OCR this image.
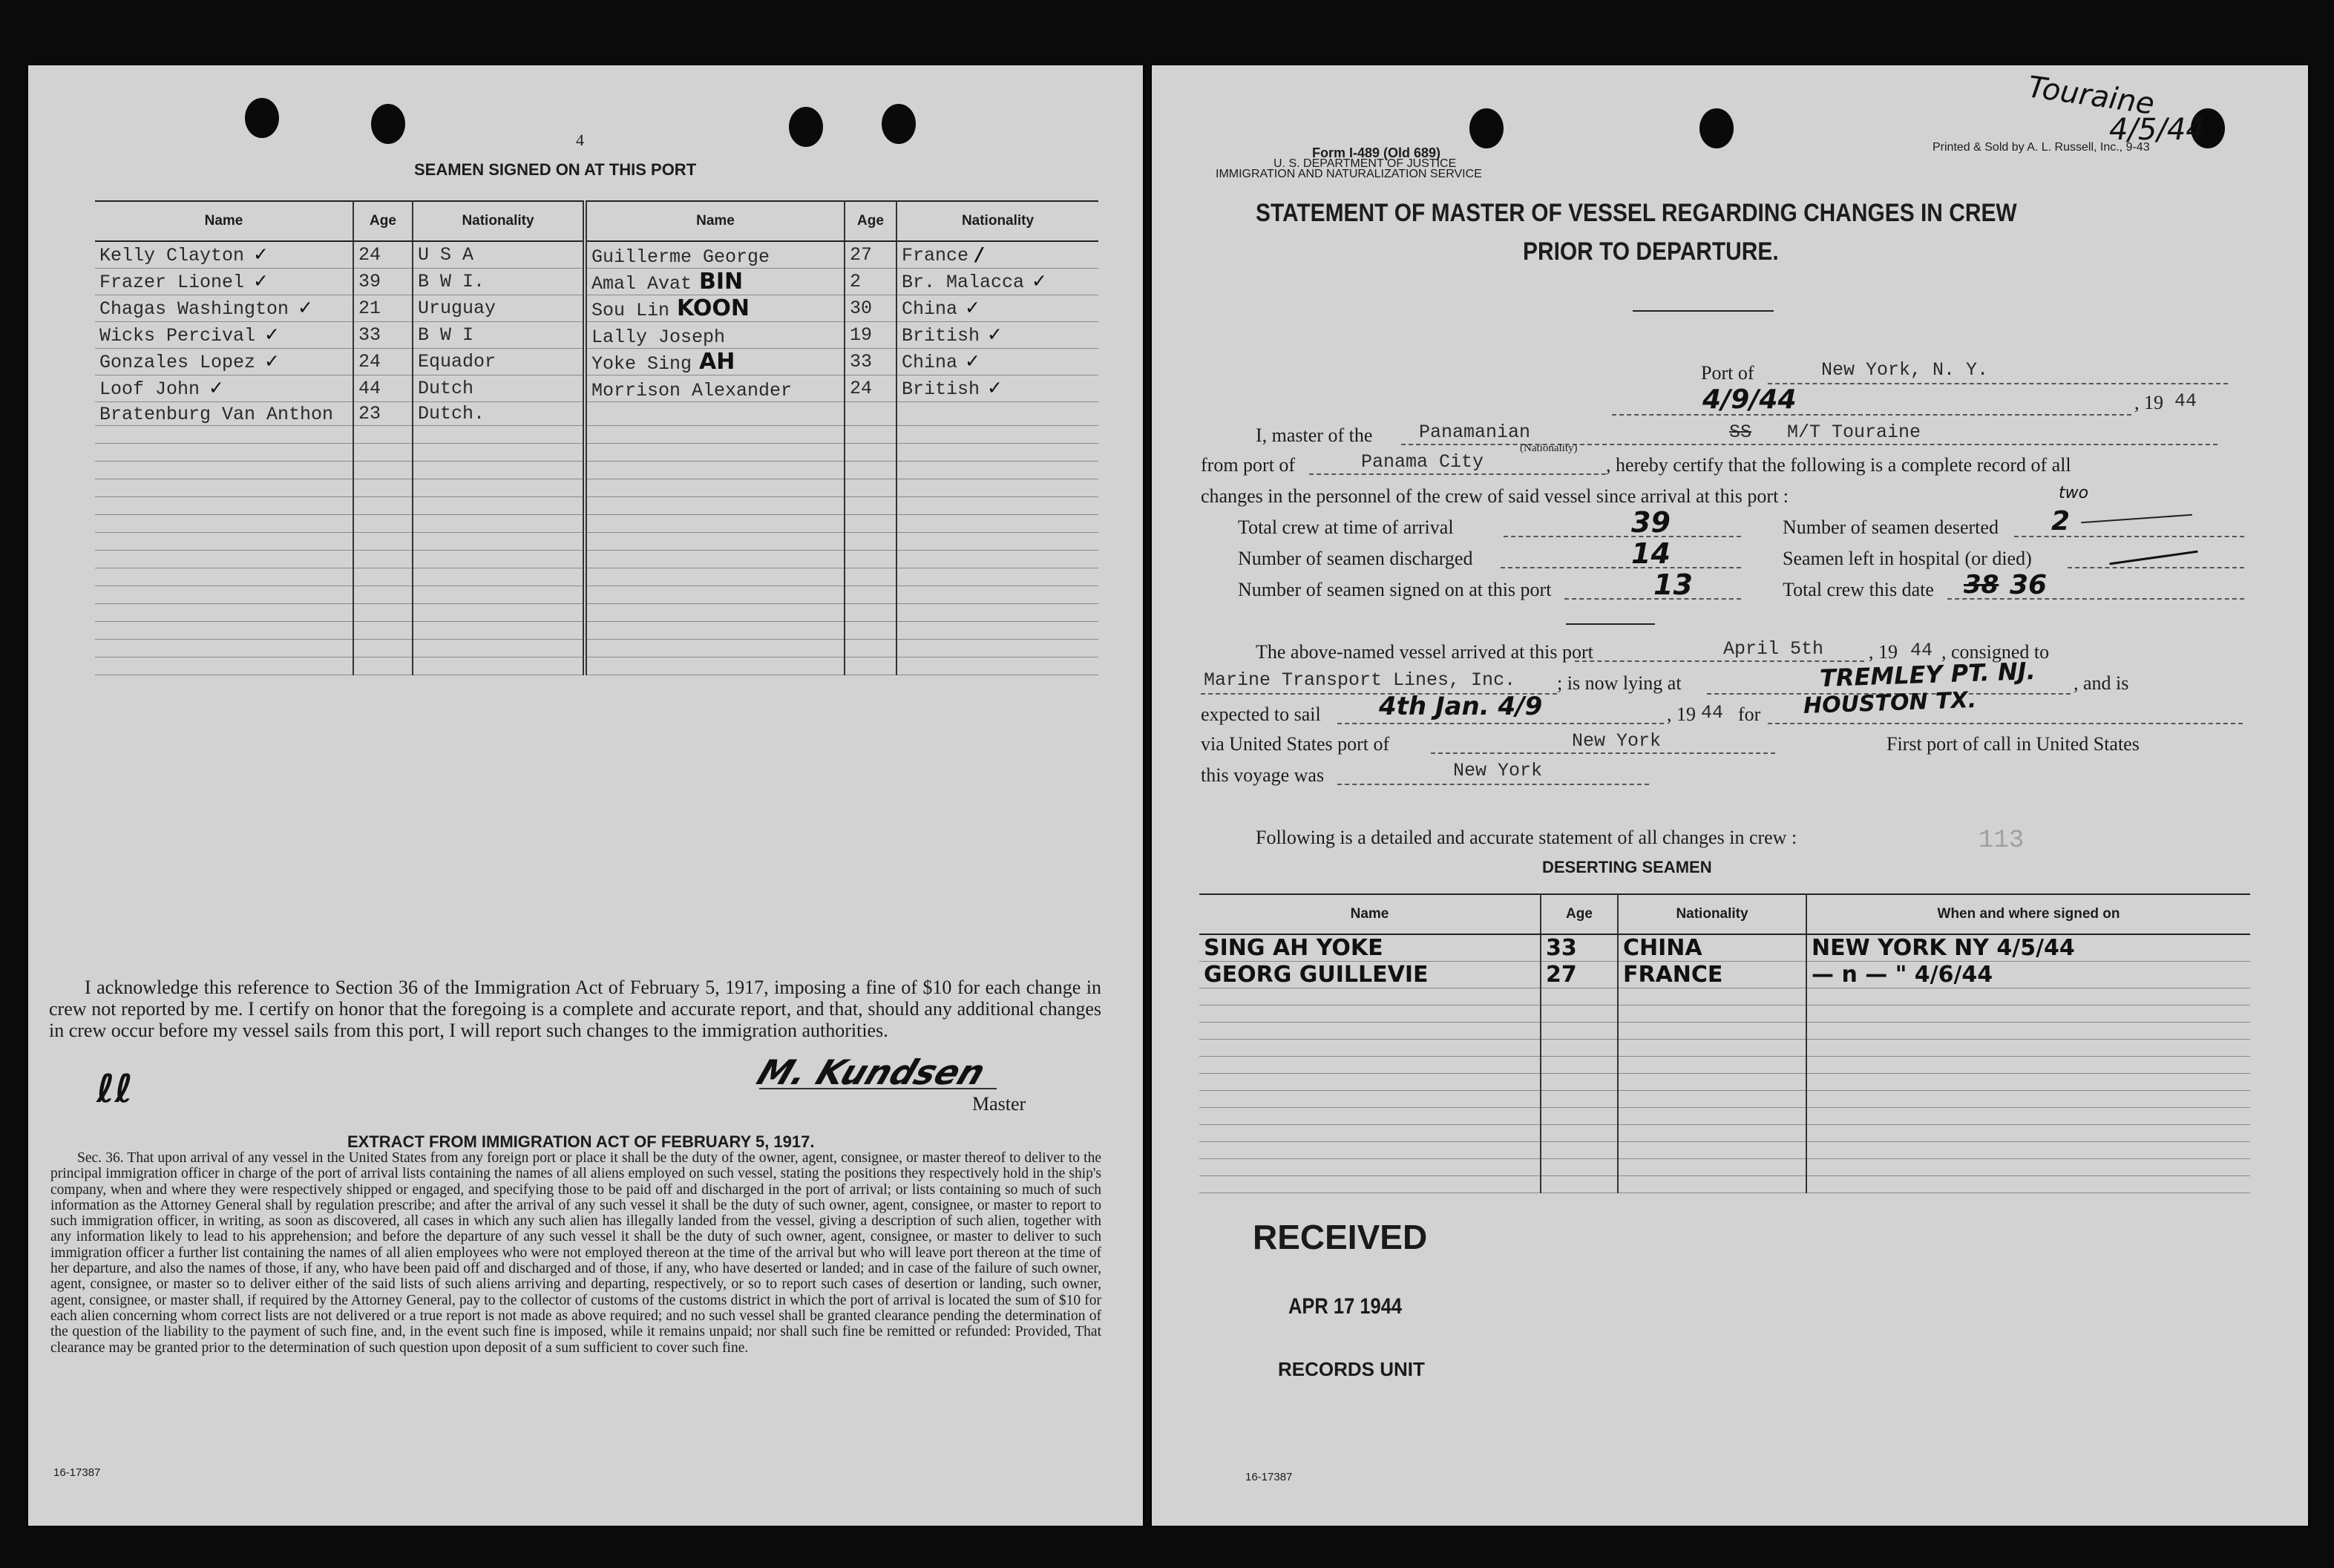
4
SEAMEN SIGNED ON AT THIS PORT
Name	Age	Nationality	Name	Age	Nationality
Kelly Clayton ✓	24	U S A	Guillerme George	27	France /
Frazer Lionel ✓	39	B W I.	Amal Avat BIN	2	Br. Malacca ✓
Chagas Washington ✓	21	Uruguay	Sou Lin KOON	30	China ✓
Wicks Percival ✓	33	B W I	Lally Joseph	19	British ✓
Gonzales Lopez ✓	24	Equador	Yoke Sing AH	33	China ✓
Loof John ✓	44	Dutch	Morrison Alexander	24	British ✓
Bratenburg Van Anthon	23	Dutch.			

I acknowledge this reference to Section 36 of the Immigration Act of February 5, 1917, imposing a fine of $10 for each change in crew not reported by me. I certify on honor that the foregoing is a complete and accurate report, and that, should any additional changes in crew occur before my vessel sails from this port, I will report such changes to the immigration authorities.
M. Kundsen
Master
ℓℓ
EXTRACT FROM IMMIGRATION ACT OF FEBRUARY 5, 1917.
Sec. 36. That upon arrival of any vessel in the United States from any foreign port or place it shall be the duty of the owner, agent, consignee, or master thereof to deliver to the principal immigration officer in charge of the port of arrival lists containing the names of all aliens employed on such vessel, stating the positions they respectively hold in the ship's company, when and where they were respectively shipped or engaged, and specifying those to be paid off and discharged in the port of arrival; or lists containing so much of such information as the Attorney General shall by regulation prescribe; and after the arrival of any such vessel it shall be the duty of such owner, agent, consignee, or master to report to such immigration officer, in writing, as soon as discovered, all cases in which any such alien has illegally landed from the vessel, giving a description of such alien, together with any information likely to lead to his apprehension; and before the departure of any such vessel it shall be the duty of such owner, agent, consignee, or master to deliver to such immigration officer a further list containing the names of all alien employees who were not employed thereon at the time of the arrival but who will leave port thereon at the time of her departure, and also the names of those, if any, who have been paid off and discharged and of those, if any, who have deserted or landed; and in case of the failure of such owner, agent, consignee, or master so to deliver either of the said lists of such aliens arriving and departing, respectively, or so to report such cases of desertion or landing, such owner, agent, consignee, or master shall, if required by the Attorney General, pay to the collector of customs of the customs district in which the port of arrival is located the sum of $10 for each alien concerning whom correct lists are not delivered or a true report is not made as above required; and no such vessel shall be granted clearance pending the determination of the question of the liability to the payment of such fine, and, in the event such fine is imposed, while it remains unpaid; nor shall such fine be remitted or refunded: Provided, That clearance may be granted prior to the determination of such question upon deposit of a sum sufficient to cover such fine.
16-17387
Touraine
4/5/44
Form I-489 (Old 689)
U. S. DEPARTMENT OF JUSTICE
IMMIGRATION AND NATURALIZATION SERVICE
Printed & Sold by A. L. Russell, Inc., 9-43
STATEMENT OF MASTER OF VESSEL REGARDING CHANGES IN CREW
PRIOR TO DEPARTURE.
Port of	New York, N. Y.
4/9/44	, 19 44
I, master of the	Panamanian
(Nationality)
SS M/T Touraine
from port of	Panama City	, hereby certify that the following is a complete record of all
changes in the personnel of the crew of said vessel since arrival at this port :
Total crew at time of arrival	39
Number of seamen discharged	14
Number of seamen signed on at this port	13
Number of seamen deserted 2
two
Seamen left in hospital (or died)
Total crew this date 38 36
The above-named vessel arrived at this port	April 5th , 19 44 , consigned to
Marine Transport Lines, Inc. ; is now lying at	TREMLEY PT. NJ. , and is
expected to sail 4th Jan. 4/9	, 19 44 for HOUSTON TX.
via United States port of	New York	First port of call in United States
this voyage was	New York
Following is a detailed and accurate statement of all changes in crew :	113
DESERTING SEAMEN
Name	Age	Nationality	When and where signed on
SING AH YOKE	33	CHINA	NEW YORK NY 4/5/44
GEORG GUILLEVIE	27	FRANCE	— n — " 4/6/44

RECEIVED
APR 17 1944
RECORDS UNIT
16-17387
